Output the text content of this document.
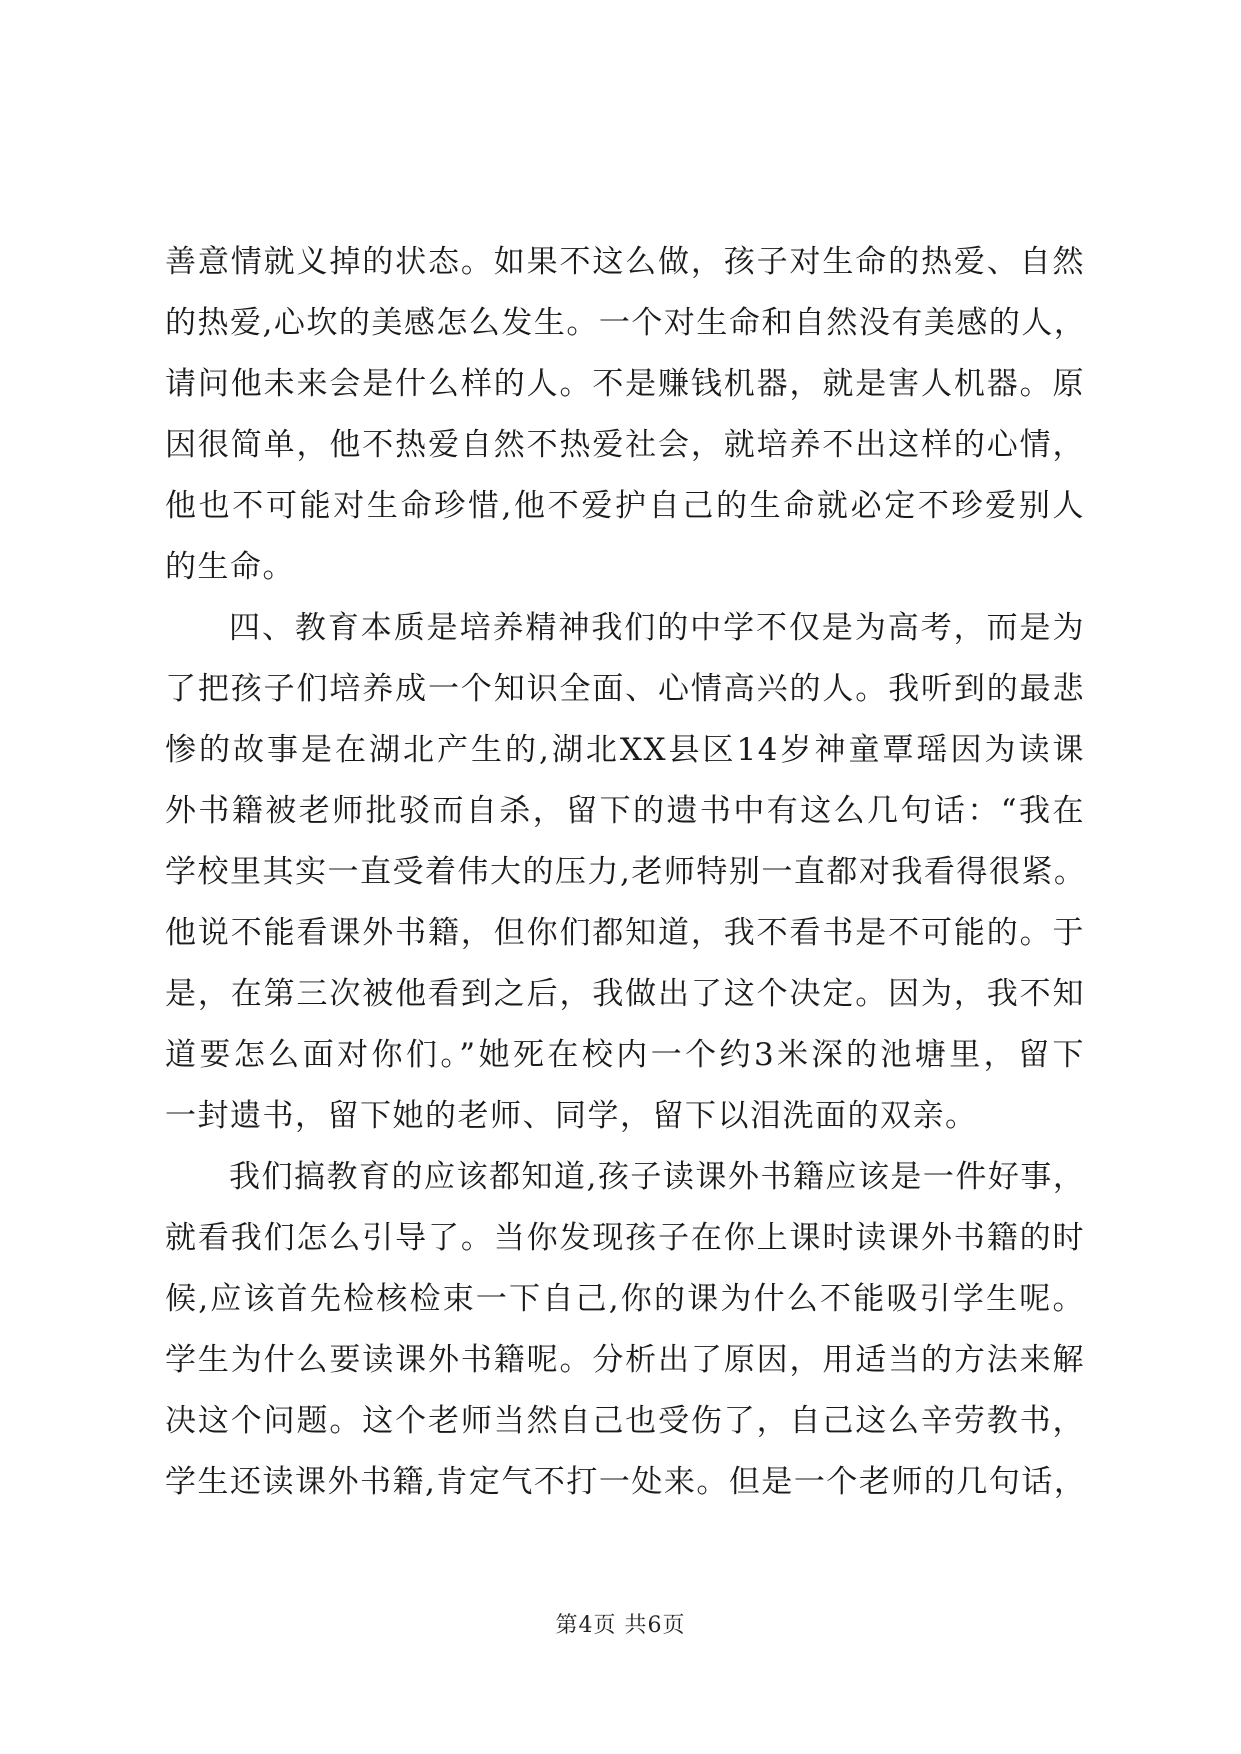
善意情就义掉的状态。如果不这么做，孩子对生命的热爱、自然
的热爱,心坎的美感怎么发生。一个对生命和自然没有美感的人，
请问他未来会是什么样的人。不是赚钱机器，就是害人机器。原
因很简单，他不热爱自然不热爱社会，就培养不出这样的心情，
他也不可能对生命珍惜,他不爱护自己的生命就必定不珍爱别人
的生命。

四、教育本质是培养精神我们的中学不仅是为高考，而是为
了把孩子们培养成一个知识全面、心情高兴的人。我听到的最悲
惨的故事是在湖北产生的,湖北XX县区14岁神童覃瑶因为读课
外书籍被老师批驳而自杀，留下的遗书中有这么几句话：“我在
学校里其实一直受着伟大的压力,老师特别一直都对我看得很紧。
他说不能看课外书籍，但你们都知道，我不看书是不可能的。于
是，在第三次被他看到之后，我做出了这个决定。因为，我不知
道要怎么面对你们。”她死在校内一个约3米深的池塘里，留下
一封遗书，留下她的老师、同学，留下以泪洗面的双亲。

我们搞教育的应该都知道,孩子读课外书籍应该是一件好事，
就看我们怎么引导了。当你发现孩子在你上课时读课外书籍的时
候,应该首先检核检束一下自己,你的课为什么不能吸引学生呢。
学生为什么要读课外书籍呢。分析出了原因，用适当的方法来解
决这个问题。这个老师当然自己也受伤了，自己这么辛劳教书，
学生还读课外书籍,肯定气不打一处来。但是一个老师的几句话，

第4页 共6页
